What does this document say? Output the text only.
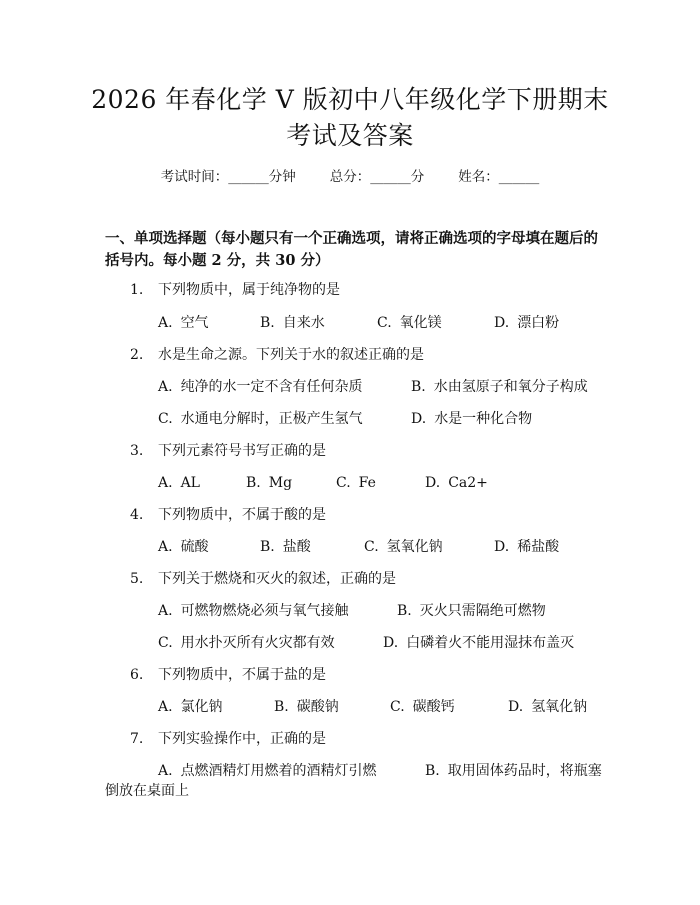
2026 年春化学 V 版初中八年级化学下册期末
考试及答案
考试时间：______分钟	总分：______分	姓名：______
一、单项选择题（每小题只有一个正确选项，请将正确选项的字母填在题后的括号内。每小题 2 分，共 30 分）
1. 下列物质中，属于纯净物的是
A. 空气	B. 自来水	C. 氧化镁	D. 漂白粉
2. 水是生命之源。下列关于水的叙述正确的是
A. 纯净的水一定不含有任何杂质	B. 水由氢原子和氧分子构成
C. 水通电分解时，正极产生氢气	D. 水是一种化合物
3. 下列元素符号书写正确的是
A. AL	B. Mg	C. Fe	D. Ca2+
4. 下列物质中，不属于酸的是
A. 硫酸	B. 盐酸	C. 氢氧化钠	D. 稀盐酸
5. 下列关于燃烧和灭火的叙述，正确的是
A. 可燃物燃烧必须与氧气接触	B. 灭火只需隔绝可燃物
C. 用水扑灭所有火灾都有效	D. 白磷着火不能用湿抹布盖灭
6. 下列物质中，不属于盐的是
A. 氯化钠	B. 碳酸钠	C. 碳酸钙	D. 氢氧化钠
7. 下列实验操作中，正确的是
A. 点燃酒精灯用燃着的酒精灯引燃	B. 取用固体药品时，将瓶塞
倒放在桌面上
